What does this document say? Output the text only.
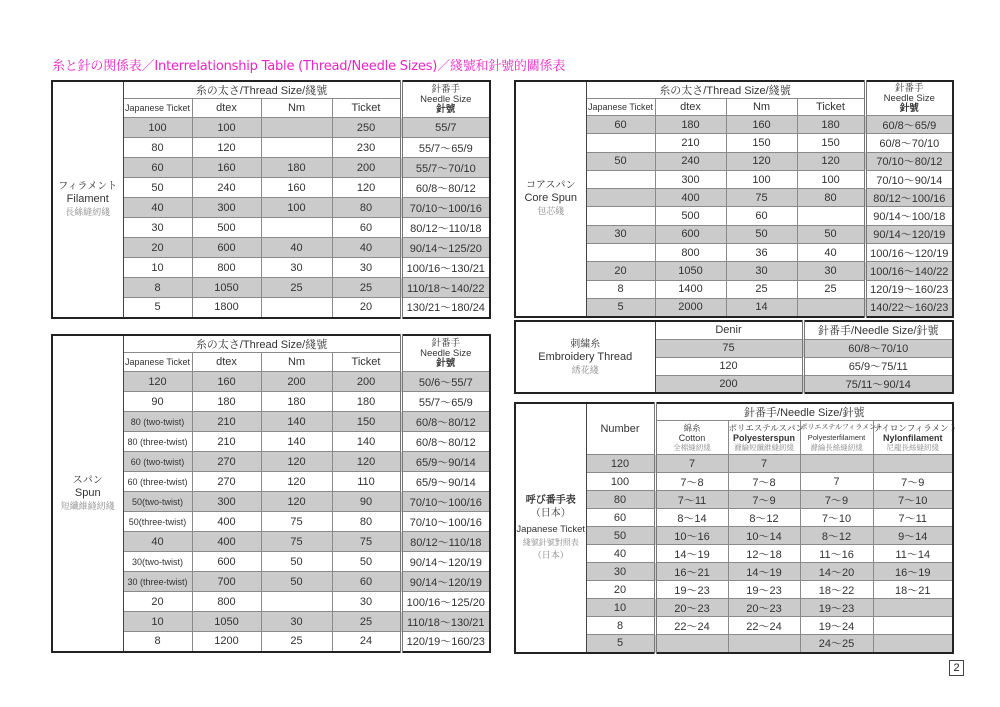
糸と針の関係表／Interrelationship Table (Thread/Needle Sizes)／綫號和針號的關係表
フィラメント
Filament
長絲縫紉綫
	糸の太さ/Thread Size/綫號	針番手
Needle Size
針號

Japanese Ticket	dtex	Nm	Ticket
100	100		250	55/7
80	120		230	55/7～65/9
60	160	180	200	55/7～70/10
50	240	160	120	60/8～80/12
40	300	100	80	70/10～100/16
30	500		60	80/12～110/18
20	600	40	40	90/14～125/20
10	800	30	30	100/16～130/21
8	1050	25	25	110/18～140/22
5	1800		20	130/21～180/24
スパン
Spun
短纖維縫紉綫
	糸の太さ/Thread Size/綫號	針番手
Needle Size
針號

Japanese Ticket	dtex	Nm	Ticket
120	160	200	200	50/6～55/7
90	180	180	180	55/7～65/9
80 (two-twist)	210	140	150	60/8～80/12
80 (three-twist)	210	140	140	60/8～80/12
60 (two-twist)	270	120	120	65/9～90/14
60 (three-twist)	270	120	110	65/9～90/14
50(two-twist)	300	120	90	70/10～100/16
50(three-twist)	400	75	80	70/10～100/16
40	400	75	75	80/12～110/18
30(two-twist)	600	50	50	90/14～120/19
30 (three-twist)	700	50	60	90/14～120/19
20	800		30	100/16～125/20
10	1050	30	25	110/18～130/21
8	1200	25	24	120/19～160/23
コアスパン
Core Spun
包芯綫
	糸の太さ/Thread Size/綫號	針番手
Needle Size
針號

Japanese Ticket	dtex	Nm	Ticket
60	180	160	180	60/8～65/9
	210	150	150	60/8～70/10
50	240	120	120	70/10～80/12
	300	100	100	70/10～90/14
	400	75	80	80/12～100/16
	500	60		90/14～100/18
30	600	50	50	90/14～120/19
	800	36	40	100/16～120/19
20	1050	30	30	100/16～140/22
8	1400	25	25	120/19～160/23
5	2000	14		140/22～160/23
刺繍糸
Embroidery Thread
綉花綫
	Denir	針番手/Needle Size/針號
75	60/8～70/10
120	65/9～75/11
200	75/11～90/14
呼び番手表
（日本）
Japanese Ticket
綫號針號對照表
（日本）
	Number	針番手/Needle Size/針號

綿糸
Cotton
全棉縫紉綫

ポリエステルスパン
Polyesterspun
滌綸短纖維縫紉綫

ポリエステルフィラメント
Polyesterfilament
滌綸長絲縫紉綫

ナイロンフィラメント
Nylonfilament
尼龍長絲縫紉綫

120	7	7		
100	7～8	7～8	7	7～9
80	7～11	7～9	7～9	7～10
60	8～14	8～12	7～10	7～11
50	10～16	10～14	8～12	9～14
40	14～19	12～18	11～16	11～14
30	16～21	14～19	14～20	16～19
20	19～23	19～23	18～22	18～21
10	20～23	20～23	19～23	
8	22～24	22～24	19～24	
5			24～25	
2
